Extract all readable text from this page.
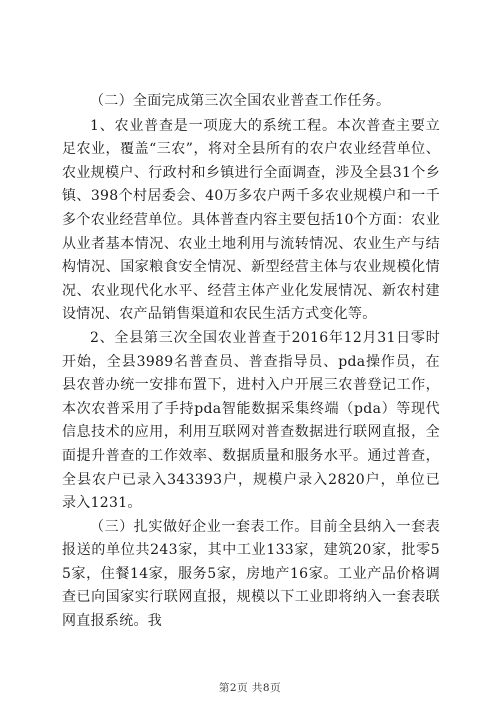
（二）全面完成第三次全国农业普查工作任务。

1、农业普查是一项庞大的系统工程。本次普查主要立足农业，覆盖“三农”，将对全县所有的农户农业经营单位、农业规模户、行政村和乡镇进行全面调查，涉及全县31个乡镇、398个村居委会、40万多农户两千多农业规模户和一千多个农业经营单位。具体普查内容主要包括10个方面：农业从业者基本情况、农业土地利用与流转情况、农业生产与结构情况、国家粮食安全情况、新型经营主体与农业规模化情况、农业现代化水平、经营主体产业化发展情况、新农村建设情况、农产品销售渠道和农民生活方式变化等。

2、全县第三次全国农业普查于2016年12月31日零时开始，全县3989名普查员、普查指导员、pda操作员，在县农普办统一安排布置下，进村入户开展三农普登记工作，本次农普采用了手持pda智能数据采集终端（pda）等现代信息技术的应用，利用互联网对普查数据进行联网直报，全面提升普查的工作效率、数据质量和服务水平。通过普查，全县农户已录入343393户，规模户录入2820户，单位已录入1231。

（三）扎实做好企业一套表工作。目前全县纳入一套表报送的单位共243家，其中工业133家，建筑20家，批零55家，住餐14家，服务5家，房地产16家。工业产品价格调查已向国家实行联网直报，规模以下工业即将纳入一套表联网直报系统。我

第2页 共8页
